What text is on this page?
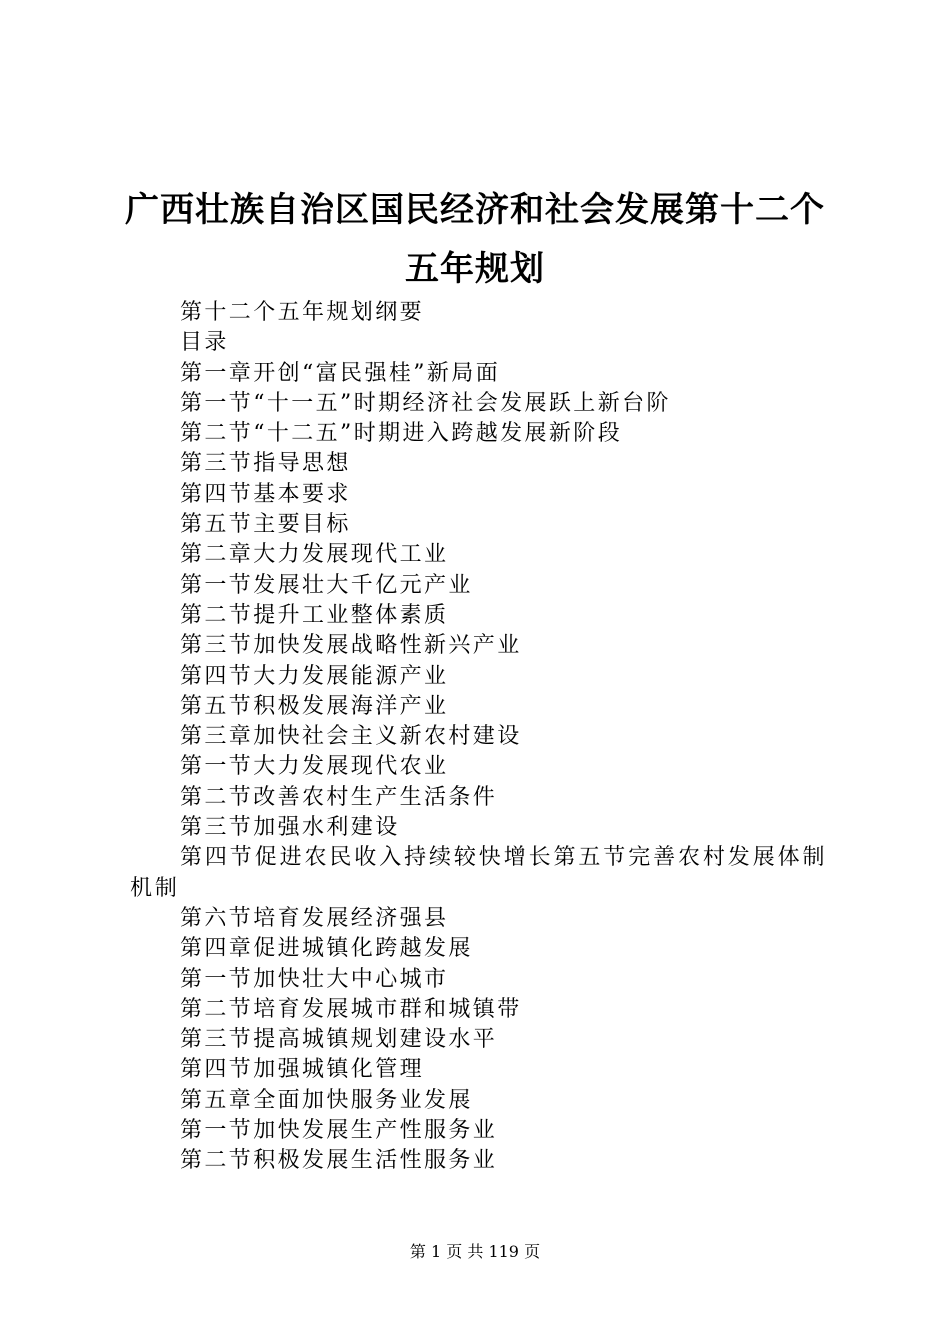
广西壮族自治区国民经济和社会发展第十二个
五年规划
第十二个五年规划纲要
目录
第一章开创“富民强桂”新局面
第一节“十一五”时期经济社会发展跃上新台阶
第二节“十二五”时期进入跨越发展新阶段
第三节指导思想
第四节基本要求
第五节主要目标
第二章大力发展现代工业
第一节发展壮大千亿元产业
第二节提升工业整体素质
第三节加快发展战略性新兴产业
第四节大力发展能源产业
第五节积极发展海洋产业
第三章加快社会主义新农村建设
第一节大力发展现代农业
第二节改善农村生产生活条件
第三节加强水利建设
第四节促进农民收入持续较快增长第五节完善农村发展体制机制
第六节培育发展经济强县
第四章促进城镇化跨越发展
第一节加快壮大中心城市
第二节培育发展城市群和城镇带
第三节提高城镇规划建设水平
第四节加强城镇化管理
第五章全面加快服务业发展
第一节加快发展生产性服务业
第二节积极发展生活性服务业
第 1 页 共 119 页
